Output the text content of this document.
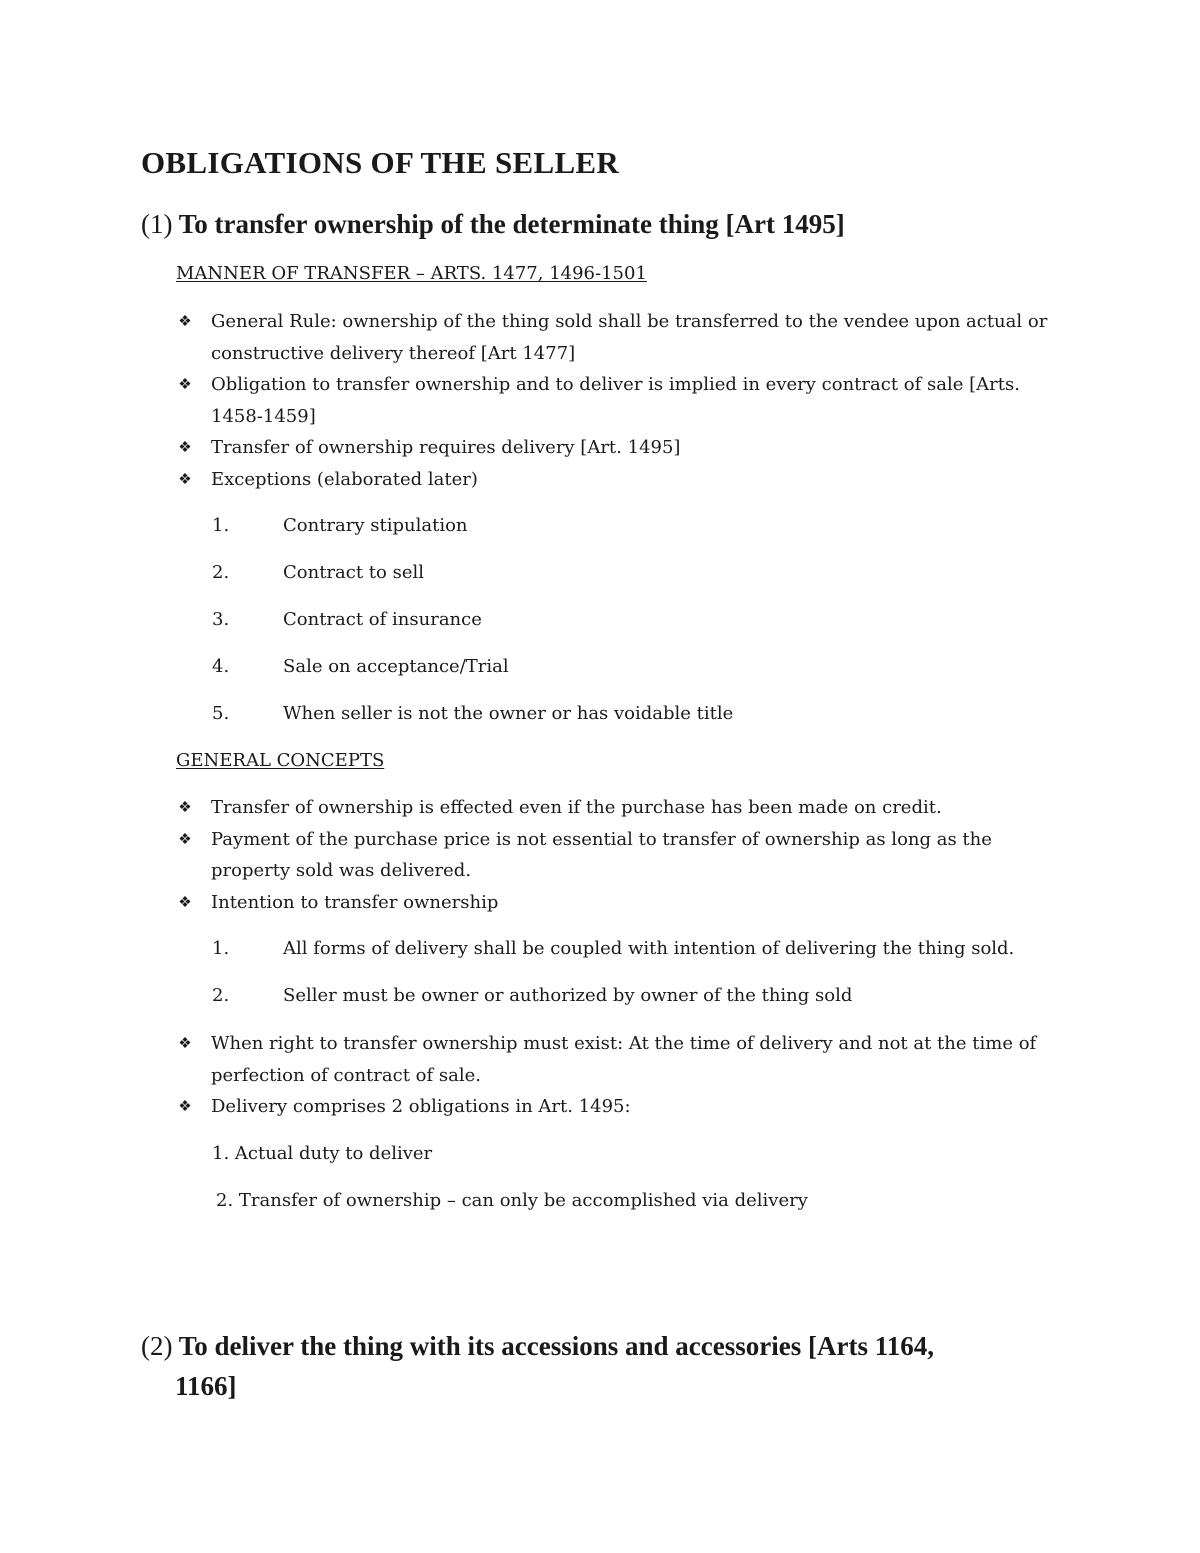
OBLIGATIONS OF THE SELLER
(1) To transfer ownership of the determinate thing [Art 1495]

MANNER OF TRANSFER – ARTS. 1477, 1496-1501

❖ General Rule: ownership of the thing sold shall be transferred to the vendee upon actual or constructive delivery thereof [Art 1477]
❖ Obligation to transfer ownership and to deliver is implied in every contract of sale [Arts. 1458-1459]
❖ Transfer of ownership requires delivery [Art. 1495]
❖ Exceptions (elaborated later)
1.	Contrary stipulation
2.	Contract to sell
3.	Contract of insurance
4.	Sale on acceptance/Trial
5.	When seller is not the owner or has voidable title

GENERAL CONCEPTS

❖ Transfer of ownership is effected even if the purchase has been made on credit.
❖ Payment of the purchase price is not essential to transfer of ownership as long as the property sold was delivered.
❖ Intention to transfer ownership
1.	All forms of delivery shall be coupled with intention of delivering the thing sold.
2.	Seller must be owner or authorized by owner of the thing sold
❖ When right to transfer ownership must exist: At the time of delivery and not at the time of perfection of contract of sale.
❖ Delivery comprises 2 obligations in Art. 1495:
1. Actual duty to deliver
2. Transfer of ownership – can only be accomplished via delivery
(2) To deliver the thing with its accessions and accessories [Arts 1164,
1166]
